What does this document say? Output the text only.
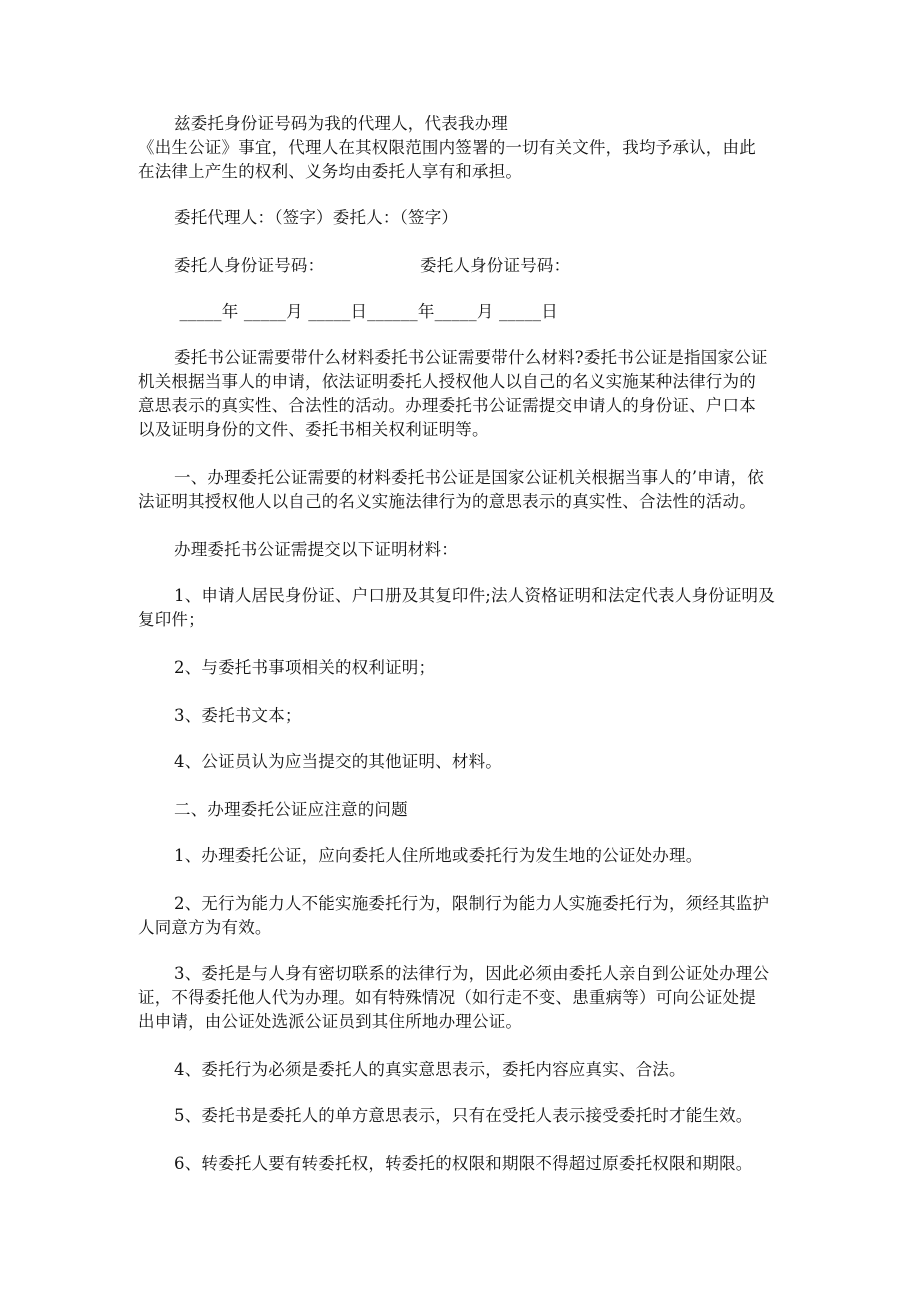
兹委托身份证号码为我的代理人，代表我办理

《出生公证》事宜，代理人在其权限范围内签署的一切有关文件，我均予承认，由此

在法律上产生的权利、义务均由委托人享有和承担。

委托代理人：（签字）委托人：（签字）

委托人身份证号码：	委托人身份证号码：

_____年 _____月 _____日______年_____月 _____日

委托书公证需要带什么材料委托书公证需要带什么材料?委托书公证是指国家公证

机关根据当事人的申请，依法证明委托人授权他人以自己的名义实施某种法律行为的

意思表示的真实性、合法性的活动。办理委托书公证需提交申请人的身份证、户口本

以及证明身份的文件、委托书相关权利证明等。

一、办理委托公证需要的材料委托书公证是国家公证机关根据当事人的’申请，依

法证明其授权他人以自己的名义实施法律行为的意思表示的真实性、合法性的活动。

办理委托书公证需提交以下证明材料：

1、申请人居民身份证、户口册及其复印件;法人资格证明和法定代表人身份证明及

复印件；

2、与委托书事项相关的权利证明；

3、委托书文本；

4、公证员认为应当提交的其他证明、材料。

二、办理委托公证应注意的问题

1、办理委托公证，应向委托人住所地或委托行为发生地的公证处办理。

2、无行为能力人不能实施委托行为，限制行为能力人实施委托行为，须经其监护

人同意方为有效。

3、委托是与人身有密切联系的法律行为，因此必须由委托人亲自到公证处办理公

证，不得委托他人代为办理。如有特殊情况（如行走不变、患重病等）可向公证处提

出申请，由公证处选派公证员到其住所地办理公证。

4、委托行为必须是委托人的真实意思表示，委托内容应真实、合法。

5、委托书是委托人的单方意思表示，只有在受托人表示接受委托时才能生效。

6、转委托人要有转委托权，转委托的权限和期限不得超过原委托权限和期限。
